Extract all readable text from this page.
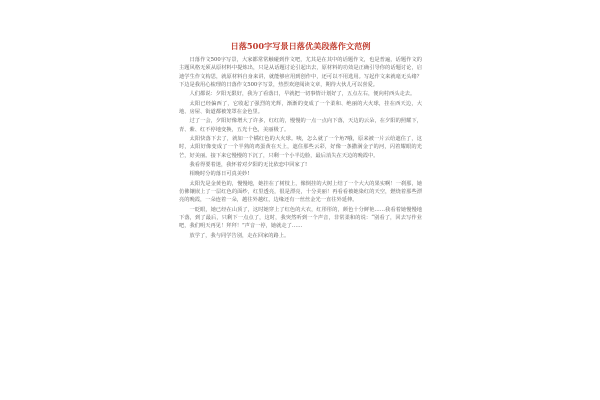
日落500字写景日落优美段落作文范例

日落作文500字写景，大家都常常触碰到作文吧，尤其是在其中的话题作文，也是普遍，话题作文的主题风格无须从原材料中提炼出，只是从话题讨论引起出去，原材料的功效是正确引导你的话题讨论，启迪学生作文构思，就原材料自身来讲，就能够应用到创作中，还可以不用选用。写起作文来就毫无头绪？下边是我用心梳理的日落作文500字写景，热烈欢迎阅读文章，期待大伙儿可以喜爱。

人们都说：夕阳无限好，我为了看落日，早就把一切事情计划好了，五点左右，便向村西头走去。

太阳已经偏西了，它收起了强烈的光辉，渐渐的变成了一个柔和、绝丽的大火球，挂在西天边，大地、房屋、街道都被笼罩在金色里。

过了一会，夕阳好像增大了许多，红红的，慢慢的一点一点向下落，天边的云朵，在夕阳的照耀下，青、紫、红不停地变换，五光十色，美丽极了。

太阳快落下去了，就如一个橘红色的大火球。咦，怎么就了一个角?哦，原来被一片云给遮住了，这时，太阳好像变成了一个半熟的鸡蛋黄在天上，遮住那些云彩，好像一条撒满金子的河，闪着耀眼的光芒，好美丽。接下来它慢慢的下沉了，只剩一个小半边脸，最后消失在天边的晚霞中。

我看得要着迷，我怀着对夕阳的无比依恋中回家了!

相晚时分的落日可真美妙!

太阳先是金黄色的，慢慢地，她挂在了树枝上，像倒挂的大树上结了一个大大的果实啊！一刹那，她仿佛镶嵌上了一层红色的面纱，红里透亮，很是漂亮，十分美丽！再看看被她染红的天空，燃烧着那些漂亮的晚霞，一朵连着一朵，越往外越红，边缘还有一丝丝金光一直往外延伸。

一眨眼，她已经在山顶了，这时她穿上了红色的大衣，红彤彤的，颜色十分鲜艳……我看着她慢慢地下落，到了最后，只剩下一点点了，这时，我突然听到一个声音，非常柔和的说：“别看了，回去写作业吧，我们明天再见！拜拜！”声音一停，她就走了……

放学了，我与同学告别，走在回家的路上。
